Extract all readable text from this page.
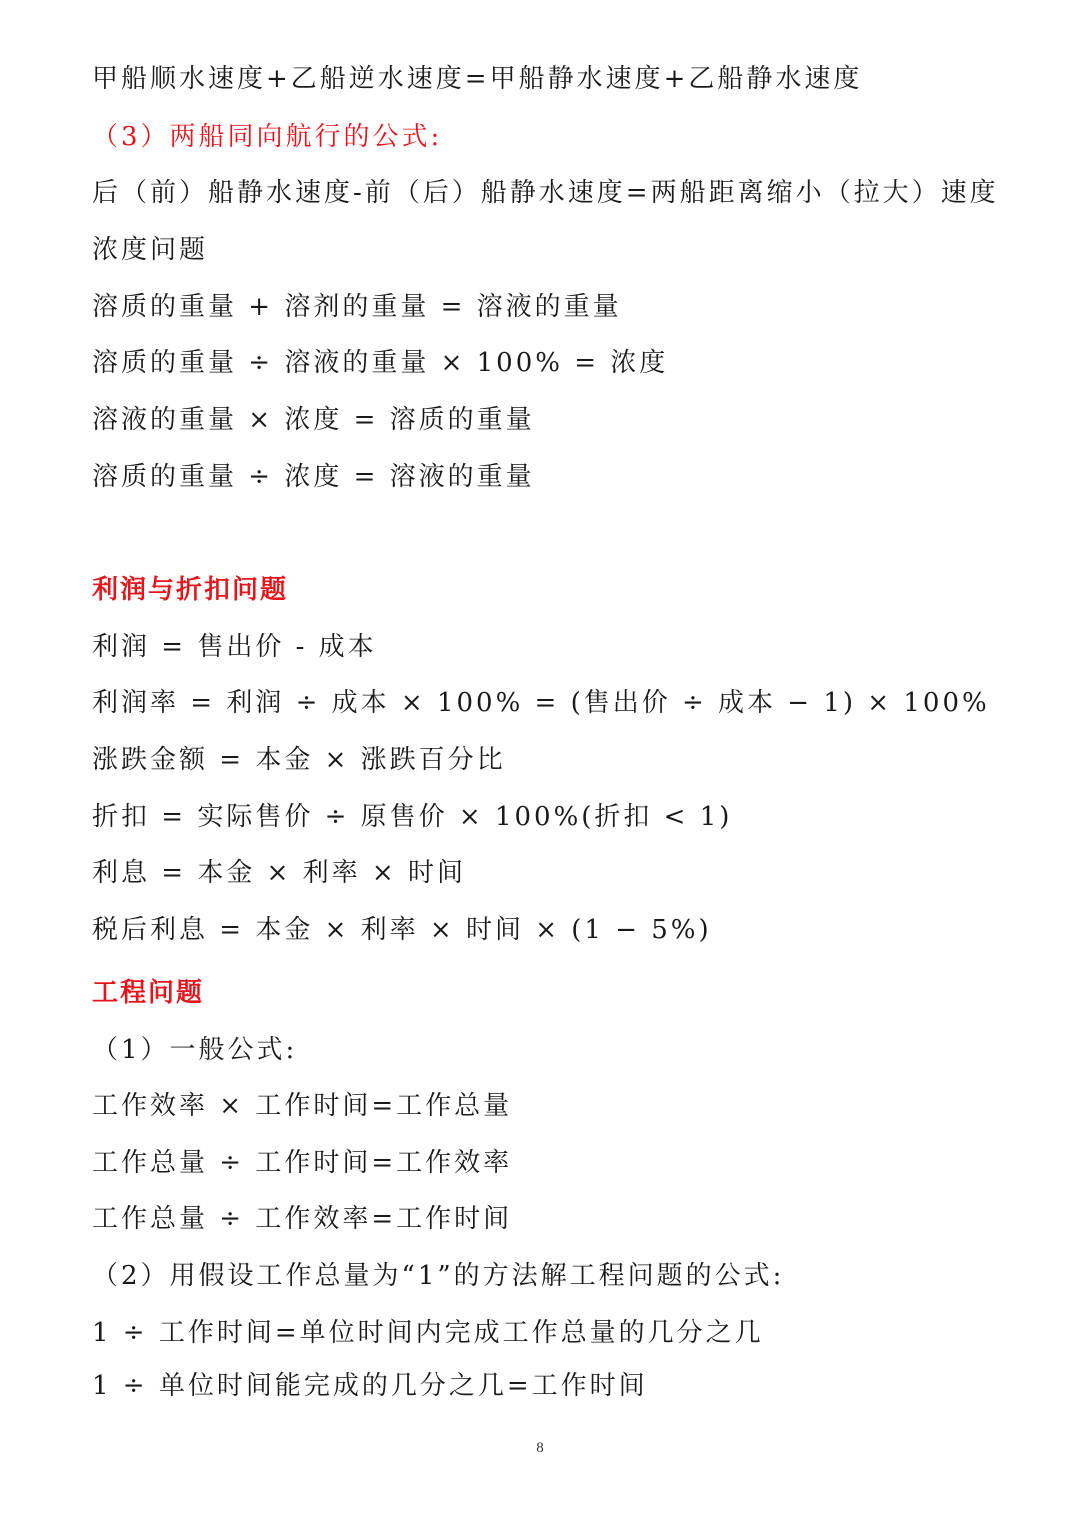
甲船顺水速度+乙船逆水速度=甲船静水速度+乙船静水速度
（3）两船同向航行的公式:
后（前）船静水速度-前（后）船静水速度=两船距离缩小（拉大）速度
浓度问题
溶质的重量 + 溶剂的重量 = 溶液的重量
溶质的重量 ÷ 溶液的重量 × 100% = 浓度
溶液的重量 × 浓度 = 溶质的重量
溶质的重量 ÷ 浓度 = 溶液的重量
利润与折扣问题
利润 = 售出价 - 成本
利润率 = 利润 ÷ 成本 × 100% = (售出价 ÷ 成本 − 1) × 100%
涨跌金额 = 本金 × 涨跌百分比
折扣 = 实际售价 ÷ 原售价 × 100%(折扣 < 1)
利息 = 本金 × 利率 × 时间
税后利息 = 本金 × 利率 × 时间 × (1 − 5%)
工程问题
（1）一般公式:
工作效率 × 工作时间=工作总量
工作总量 ÷ 工作时间=工作效率
工作总量 ÷ 工作效率=工作时间
（2）用假设工作总量为“1”的方法解工程问题的公式:
1 ÷ 工作时间=单位时间内完成工作总量的几分之几
1 ÷ 单位时间能完成的几分之几=工作时间
8
